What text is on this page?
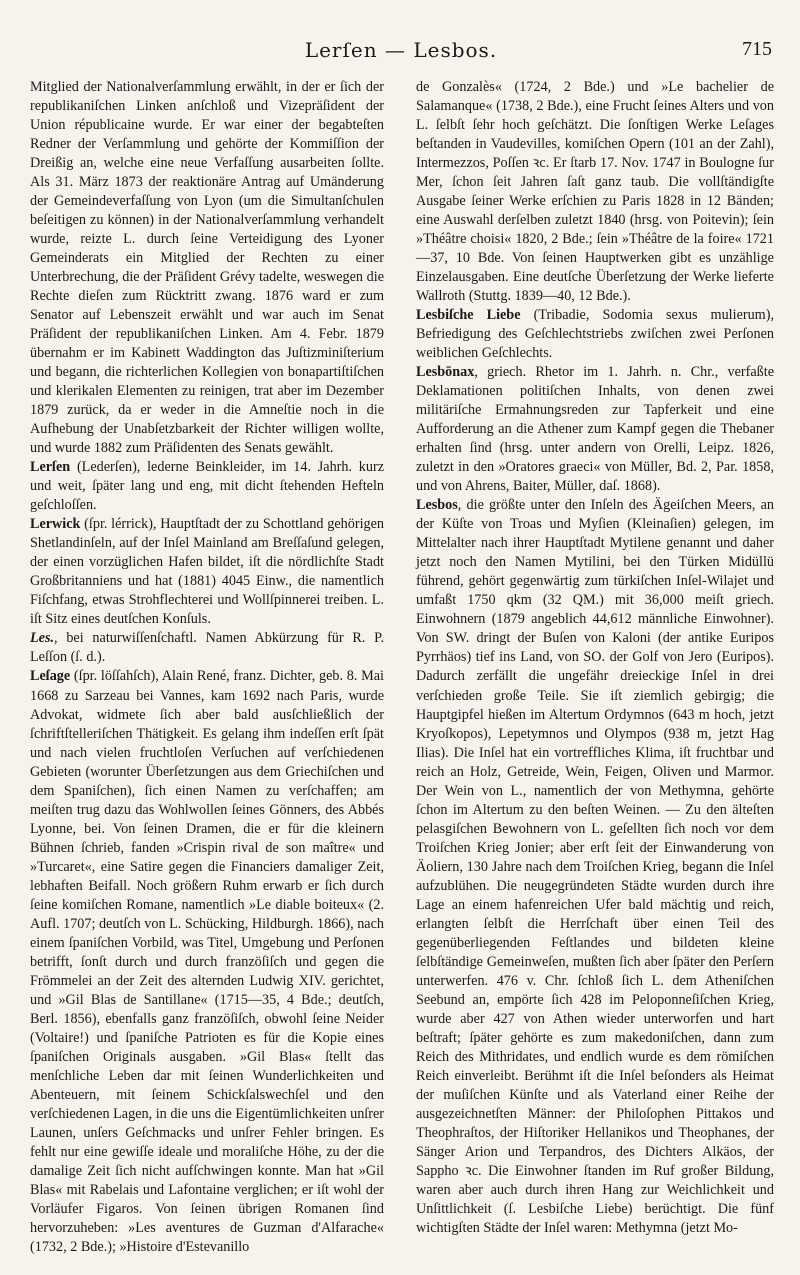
Lerſen — Lesbos.	715

Mitglied der Nationalverſammlung erwählt, in der er ſich der republikaniſchen Linken anſchloß und Vizepräſident der Union républicaine wurde. Er war einer der begabteſten Redner der Verſammlung und gehörte der Kommiſſion der Dreißig an, welche eine neue Verfaſſung ausarbeiten ſollte. Als 31. März 1873 der reaktionäre Antrag auf Umänderung der Gemeindeverfaſſung von Lyon (um die Simultanſchulen beſeitigen zu können) in der Nationalverſammlung verhandelt wurde, reizte L. durch ſeine Verteidigung des Lyoner Gemeinderats ein Mitglied der Rechten zu einer Unterbrechung, die der Präſident Grévy tadelte, weswegen die Rechte dieſen zum Rücktritt zwang. 1876 ward er zum Senator auf Lebenszeit erwählt und war auch im Senat Präſident der republikaniſchen Linken. Am 4. Febr. 1879 übernahm er im Kabinett Waddington das Juſtizminiſterium und begann, die richterlichen Kollegien von bonapartiſtiſchen und klerikalen Elementen zu reinigen, trat aber im Dezember 1879 zurück, da er weder in die Amneſtie noch in die Aufhebung der Unabſetzbarkeit der Richter willigen wollte, und wurde 1882 zum Präſidenten des Senats gewählt.

Lerſen (Lederſen), lederne Beinkleider, im 14. Jahrh. kurz und weit, ſpäter lang und eng, mit dicht ſtehenden Hefteln geſchloſſen.

Lerwick (ſpr. lérrick), Hauptſtadt der zu Schottland gehörigen Shetlandinſeln, auf der Inſel Mainland am Breſſaſund gelegen, der einen vorzüglichen Hafen bildet, iſt die nördlichſte Stadt Großbritanniens und hat (1881) 4045 Einw., die namentlich Fiſchfang, etwas Strohflechterei und Wollſpinnerei treiben. L. iſt Sitz eines deutſchen Konſuls.

Les., bei naturwiſſenſchaftl. Namen Abkürzung für R. P. Leſſon (ſ. d.).

Leſage (ſpr. löſſahſch), Alain René, franz. Dichter, geb. 8. Mai 1668 zu Sarzeau bei Vannes, kam 1692 nach Paris, wurde Advokat, widmete ſich aber bald ausſchließlich der ſchriftſtelleriſchen Thätigkeit. Es gelang ihm indeſſen erſt ſpät und nach vielen fruchtloſen Verſuchen auf verſchiedenen Gebieten (worunter Überſetzungen aus dem Griechiſchen und dem Spaniſchen), ſich einen Namen zu verſchaffen; am meiſten trug dazu das Wohlwollen ſeines Gönners, des Abbés Lyonne, bei. Von ſeinen Dramen, die er für die kleinern Bühnen ſchrieb, fanden »Crispin rival de son maître« und »Turcaret«, eine Satire gegen die Financiers damaliger Zeit, lebhaften Beifall. Noch größern Ruhm erwarb er ſich durch ſeine komiſchen Romane, namentlich »Le diable boiteux« (2. Aufl. 1707; deutſch von L. Schücking, Hildburgh. 1866), nach einem ſpaniſchen Vorbild, was Titel, Umgebung und Perſonen betrifft, ſonſt durch und durch franzöſiſch und gegen die Frömmelei an der Zeit des alternden Ludwig XIV. gerichtet, und »Gil Blas de Santillane« (1715—35, 4 Bde.; deutſch, Berl. 1856), ebenfalls ganz franzöſiſch, obwohl ſeine Neider (Voltaire!) und ſpaniſche Patrioten es für die Kopie eines ſpaniſchen Originals ausgaben. »Gil Blas« ſtellt das menſchliche Leben dar mit ſeinen Wunderlichkeiten und Abenteuern, mit ſeinem Schickſalswechſel und den verſchiedenen Lagen, in die uns die Eigentümlichkeiten unſrer Launen, unſers Geſchmacks und unſrer Fehler bringen. Es fehlt nur eine gewiſſe ideale und moraliſche Höhe, zu der die damalige Zeit ſich nicht aufſchwingen konnte. Man hat »Gil Blas« mit Rabelais und Lafontaine verglichen; er iſt wohl der Vorläufer Figaros. Von ſeinen übrigen Romanen ſind hervorzuheben: »Les aventures de Guzman d'Alfarache« (1732, 2 Bde.); »Histoire d'Estevanillo

de Gonzalès« (1724, 2 Bde.) und »Le bachelier de Salamanque« (1738, 2 Bde.), eine Frucht ſeines Alters und von L. ſelbſt ſehr hoch geſchätzt. Die ſonſtigen Werke Leſages beſtanden in Vaudevilles, komiſchen Opern (101 an der Zahl), Intermezzos, Poſſen ꝛc. Er ſtarb 17. Nov. 1747 in Boulogne ſur Mer, ſchon ſeit Jahren ſaſt ganz taub. Die vollſtändigſte Ausgabe ſeiner Werke erſchien zu Paris 1828 in 12 Bänden; eine Auswahl derſelben zuletzt 1840 (hrsg. von Poitevin); ſein »Théâtre choisi« 1820, 2 Bde.; ſein »Théâtre de la foire« 1721—37, 10 Bde. Von ſeinen Hauptwerken gibt es unzählige Einzelausgaben. Eine deutſche Überſetzung der Werke lieferte Wallroth (Stuttg. 1839—40, 12 Bde.).

Lesbiſche Liebe (Tribadie, Sodomia sexus mulierum), Befriedigung des Geſchlechtstriebs zwiſchen zwei Perſonen weiblichen Geſchlechts.

Lesbōnax, griech. Rhetor im 1. Jahrh. n. Chr., verfaßte Deklamationen politiſchen Inhalts, von denen zwei militäriſche Ermahnungsreden zur Tapferkeit und eine Aufforderung an die Athener zum Kampf gegen die Thebaner erhalten ſind (hrsg. unter andern von Orelli, Leipz. 1826, zuletzt in den »Oratores graeci« von Müller, Bd. 2, Par. 1858, und von Ahrens, Baiter, Müller, daſ. 1868).

Lesbos, die größte unter den Inſeln des Ägeiſchen Meers, an der Küſte von Troas und Myſien (Kleinaſien) gelegen, im Mittelalter nach ihrer Hauptſtadt Mytilene genannt und daher jetzt noch den Namen Mytilini, bei den Türken Midüllü führend, gehört gegenwärtig zum türkiſchen Inſel-Wilajet und umfaßt 1750 qkm (32 QM.) mit 36,000 meiſt griech. Einwohnern (1879 angeblich 44,612 männliche Einwohner). Von SW. dringt der Buſen von Kaloni (der antike Euripos Pyrrhäos) tief ins Land, von SO. der Golf von Jero (Euripos). Dadurch zerfällt die ungefähr dreieckige Inſel in drei verſchieden große Teile. Sie iſt ziemlich gebirgig; die Hauptgipfel hießen im Altertum Ordymnos (643 m hoch, jetzt Kryoſkopos), Lepetymnos und Olympos (938 m, jetzt Hag Ilias). Die Inſel hat ein vortreffliches Klima, iſt fruchtbar und reich an Holz, Getreide, Wein, Feigen, Oliven und Marmor. Der Wein von L., namentlich der von Methymna, gehörte ſchon im Altertum zu den beſten Weinen. — Zu den älteſten pelasgiſchen Bewohnern von L. geſellten ſich noch vor dem Troiſchen Krieg Jonier; aber erſt ſeit der Einwanderung von Äoliern, 130 Jahre nach dem Troiſchen Krieg, begann die Inſel aufzublühen. Die neugegründeten Städte wurden durch ihre Lage an einem hafenreichen Ufer bald mächtig und reich, erlangten ſelbſt die Herrſchaft über einen Teil des gegenüberliegenden Feſtlandes und bildeten kleine ſelbſtändige Gemeinweſen, mußten ſich aber ſpäter den Perſern unterwerfen. 476 v. Chr. ſchloß ſich L. dem Atheniſchen Seebund an, empörte ſich 428 im Peloponneſiſchen Krieg, wurde aber 427 von Athen wieder unterworfen und hart beſtraft; ſpäter gehörte es zum makedoniſchen, dann zum Reich des Mithridates, und endlich wurde es dem römiſchen Reich einverleibt. Berühmt iſt die Inſel beſonders als Heimat der muſiſchen Künſte und als Vaterland einer Reihe der ausgezeichnetſten Männer: der Philoſophen Pittakos und Theophraſtos, der Hiſtoriker Hellanikos und Theophanes, der Sänger Arion und Terpandros, des Dichters Alkäos, der Sappho ꝛc. Die Einwohner ſtanden im Ruf großer Bildung, waren aber auch durch ihren Hang zur Weichlichkeit und Unſittlichkeit (ſ. Lesbiſche Liebe) berüchtigt. Die fünf wichtigſten Städte der Inſel waren: Methymna (jetzt Mo-
